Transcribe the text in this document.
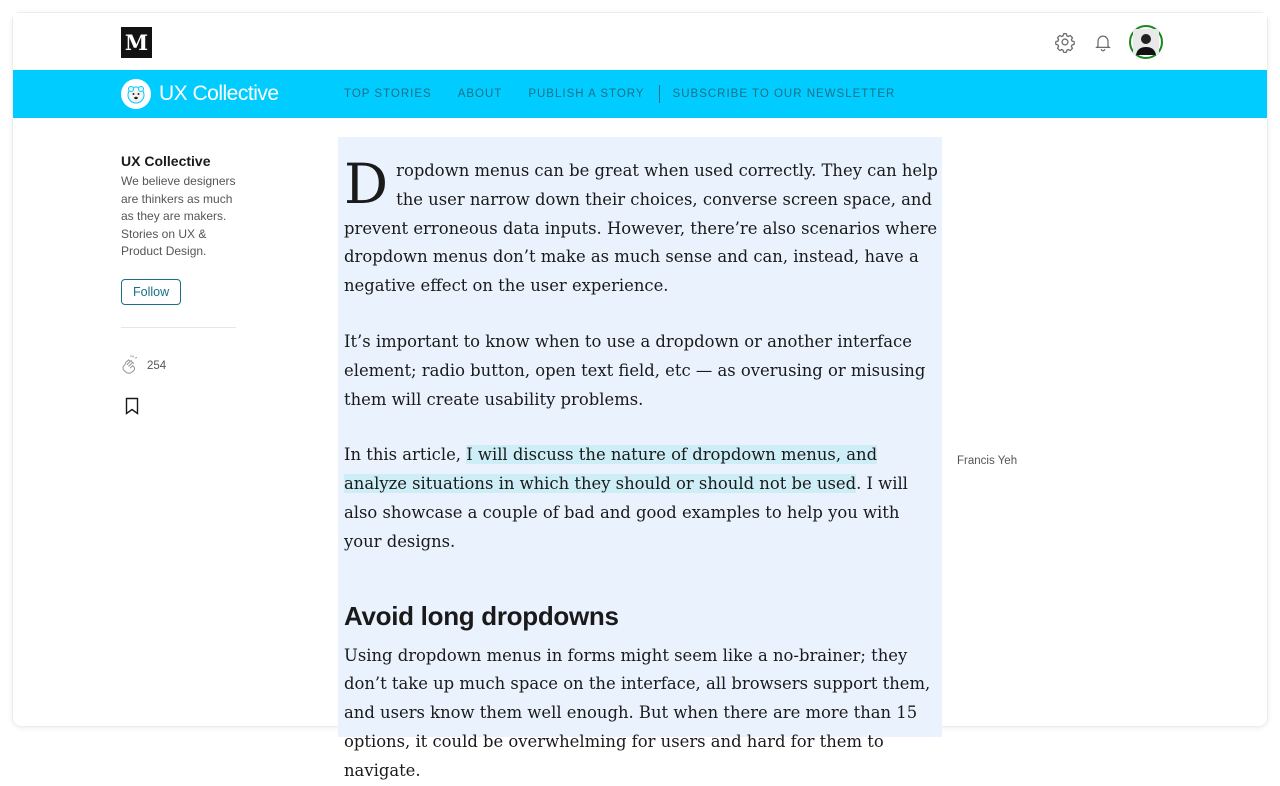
M
UX Collective	TOP STORIES ABOUT PUBLISH A STORY SUBSCRIBE TO OUR NEWSLETTER
UX Collective
We believe designers are thinkers as much as they are makers. Stories on UX & Product Design.
Follow
254

Dropdown menus can be great when used correctly. They can help the user narrow down their choices, converse screen space, and prevent erroneous data inputs. However, there’re also scenarios where dropdown menus don’t make as much sense and can, instead, have a negative effect on the user experience.

It’s important to know when to use a dropdown or another interface element; radio button, open text field, etc — as overusing or misusing them will create usability problems.

In this article, I will discuss the nature of dropdown menus, and analyze situations in which they should or should not be used. I will also showcase a couple of bad and good examples to help you with your designs.

Avoid long dropdowns

Using dropdown menus in forms might seem like a no-brainer; they don’t take up much space on the interface, all browsers support them, and users know them well enough. But when there are more than 15 options, it could be overwhelming for users and hard for them to navigate.

Francis Yeh
